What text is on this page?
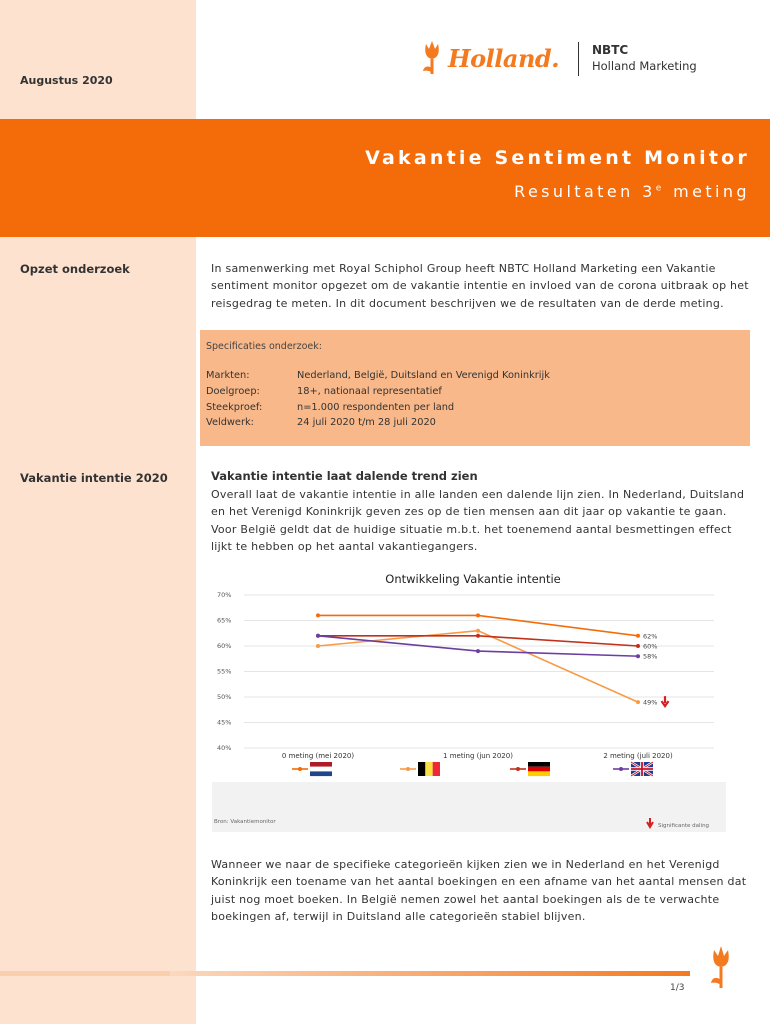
Augustus 2020
Holland.	NBTC
Holland Marketing
Vakantie Sentiment Monitor
Resultaten 3e meting
Opzet onderzoek	In samenwerking met Royal Schiphol Group heeft NBTC Holland Marketing een Vakantie sentiment monitor opgezet om de vakantie intentie en invloed van de corona uitbraak op het reisgedrag te meten. In dit document beschrijven we de resultaten van de derde meting.
Specificaties onderzoek:
Markten:	Nederland, België, Duitsland en Verenigd Koninkrijk
Doelgroep:	18+, nationaal representatief
Steekproef:	n=1.000 respondenten per land
Veldwerk:	24 juli 2020 t/m 28 juli 2020
Vakantie intentie 2020	Vakantie intentie laat dalende trend zien
Overall laat de vakantie intentie in alle landen een dalende lijn zien. In Nederland, Duitsland en het Verenigd Koninkrijk geven zes op de tien mensen aan dit jaar op vakantie te gaan. Voor België geldt dat de huidige situatie m.b.t. het toenemend aantal besmettingen effect lijkt te hebben op het aantal vakantiegangers.
Ontwikkeling Vakantie intentie
40%
45%
50%
55%
60%
65%
70%
0 meting (mei 2020)	1 meting (jun 2020)	2 meting (juli 2020)
62%
60%
58%
49%
Bron: Vakantiemonitor
Significante daling
Wanneer we naar de specifieke categorieën kijken zien we in Nederland en het Verenigd Koninkrijk een toename van het aantal boekingen en een afname van het aantal mensen dat juist nog moet boeken. In België nemen zowel het aantal boekingen als de te verwachte boekingen af, terwijl in Duitsland alle categorieën stabiel blijven.
1/3
